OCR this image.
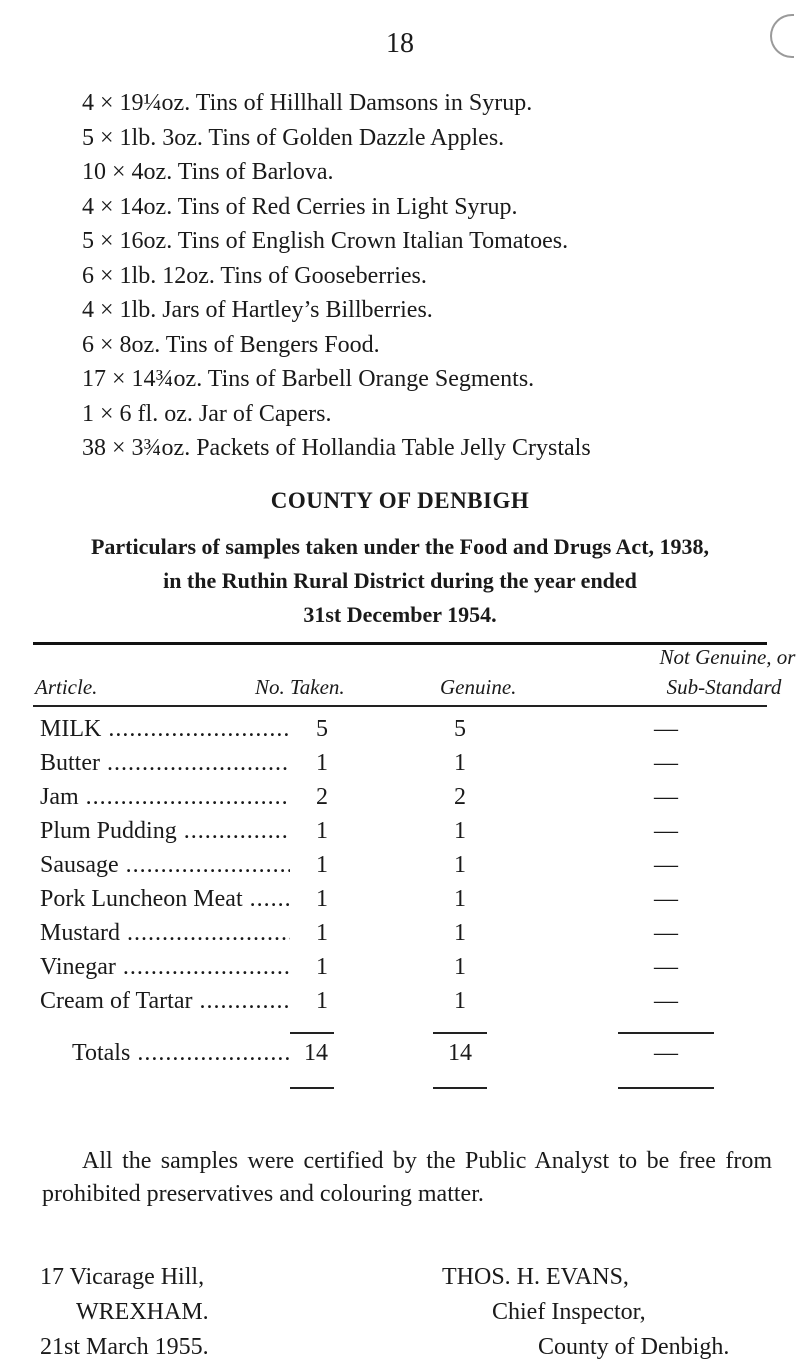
18
4 × 19¼oz. Tins of Hillhall Damsons in Syrup.
5 × 1lb. 3oz. Tins of Golden Dazzle Apples.
10 × 4oz. Tins of Barlova.
4 × 14oz. Tins of Red Cerries in Light Syrup.
5 × 16oz. Tins of English Crown Italian Tomatoes.
6 × 1lb. 12oz. Tins of Gooseberries.
4 × 1lb. Jars of Hartley’s Billberries.
6 × 8oz. Tins of Bengers Food.
17 × 14¾oz. Tins of Barbell Orange Segments.
1 × 6 fl. oz. Jar of Capers.
38 × 3¾oz. Packets of Hollandia Table Jelly Crystals
COUNTY OF DENBIGH
Particulars of samples taken under the Food and Drugs Act, 1938,
in the Ruthin Rural District during the year ended
31st December 1954.
Article.	No. Taken.	Genuine.
Not Genuine, or
Sub-Standard
MILK .....	5	5	—
Butter .....	1	1	—
Jam .....	2	2	—
Plum Pudding .....	1	1	—
Sausage .....	1	1	—
Pork Luncheon Meat .....	1	1	—
Mustard .....	1	1	—
Vinegar .....	1	1	—
Cream of Tartar .....	1	1	—
Totals .....	14	14	—
All the samples were certified by the Public Analyst to be free from prohibited preservatives and colouring matter.
17 Vicarage Hill,
WREXHAM.
21st March 1955.
THOS. H. EVANS,
Chief Inspector,
County of Denbigh.
